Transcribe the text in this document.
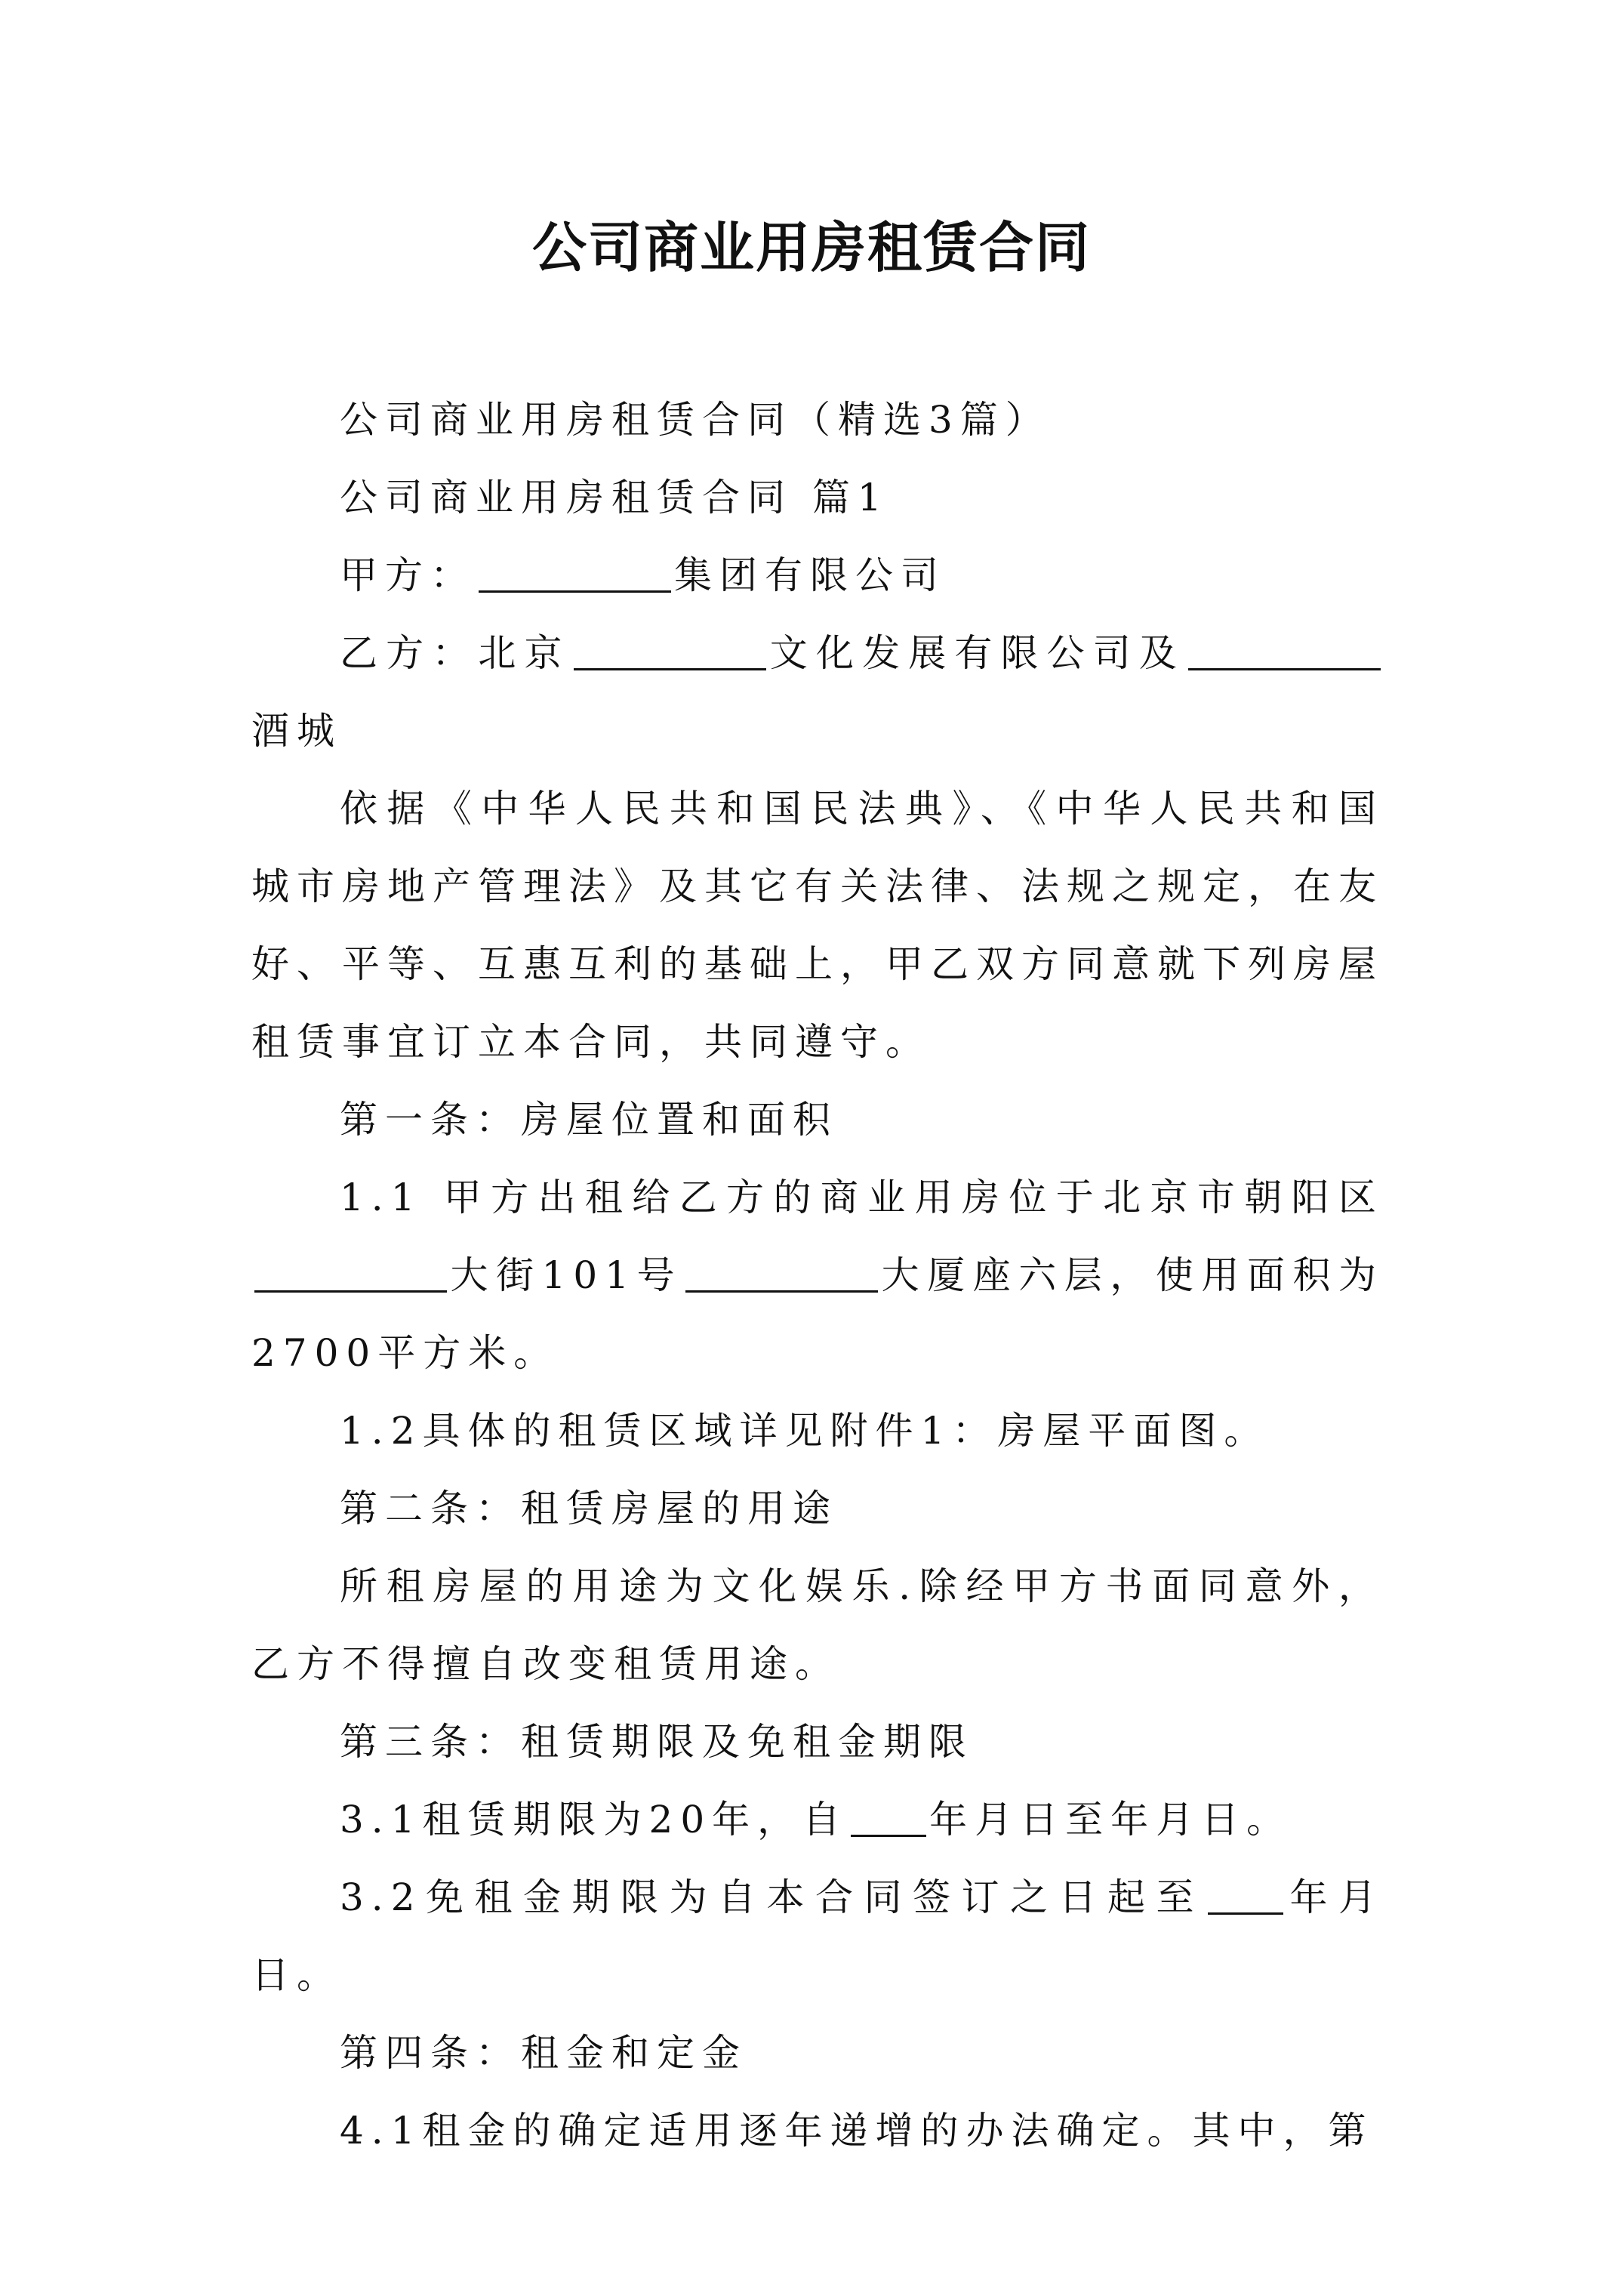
公司商业用房租赁合同

公司商业用房租赁合同（精选3篇）

公司商业用房租赁合同 篇1

甲方：	集团有限公司

乙方：北京	文化发展有限公司及酒城

依据《中华人民共和国民法典》、《中华人民共和国城市房地产管理法》及其它有关法律、法规之规定，在友好、平等、互惠互利的基础上，甲乙双方同意就下列房屋租赁事宜订立本合同，共同遵守。

第一条：房屋位置和面积

1.1 甲方出租给乙方的商业用房位于北京市朝阳区大街101号	大厦座六层，使用面积为2700平方米。

1.2具体的租赁区域详见附件1：房屋平面图。

第二条：租赁房屋的用途

所租房屋的用途为文化娱乐.除经甲方书面同意外，乙方不得擅自改变租赁用途。

第三条：租赁期限及免租金期限

3.1租赁期限为20年，自 年月日至年月日。

3.2免租金期限为自本合同签订之日起至 年月日。

第四条：租金和定金

4.1租金的确定适用逐年递增的办法确定。其中，第
